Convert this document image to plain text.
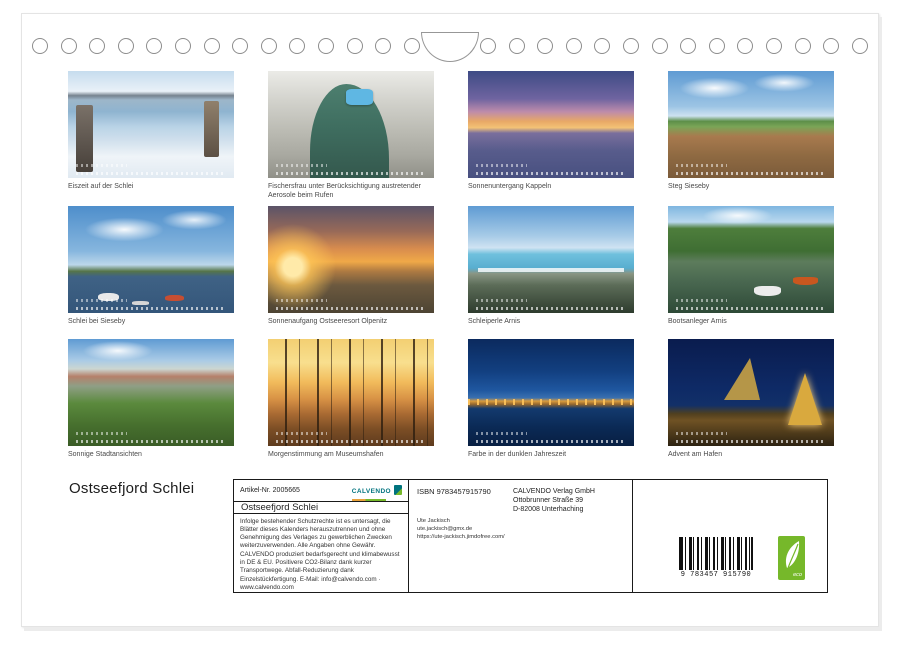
Eiszeit auf der Schlei	Fischersfrau unter Berücksichtigung austretender Aerosole beim Rufen
Sonnenuntergang Kappeln	Steg Sieseby
Schlei bei Sieseby	Sonnenaufgang Ostseeresort Olpenitz	Schleiperle Arnis	Bootsanleger Arnis
Sonnige Stadtansichten	Morgenstimmung am Museumshafen	Farbe in der dunklen Jahreszeit	Advent am Hafen
Ostseefjord Schlei	Artikel-Nr. 2005665	CALVENDO
Ostseefjord Schlei
Infolge bestehender Schutzrechte ist es untersagt, die Blätter dieses Kalenders herauszutrennen und ohne Genehmigung des Verlages zu gewerblichen Zwecken weiterzuverwenden. Alle Angaben ohne Gewähr. CALVENDO produziert bedarfsgerecht und klimabewusst in DE & EU. Positivere CO2-Bilanz dank kurzer Transportwege. Abfall-Reduzierung dank Einzelstückfertigung. E-Mail: info@calvendo.com · www.calvendo.com
ISBN 9783457915790	CALVENDO Verlag GmbH
Ottobrunner Straße 39
D-82008 Unterhaching
Ute Jackisch
ute.jackisch@gmx.de
https://ute-jackisch.jimdofree.com/
9 783457 915790	eco
